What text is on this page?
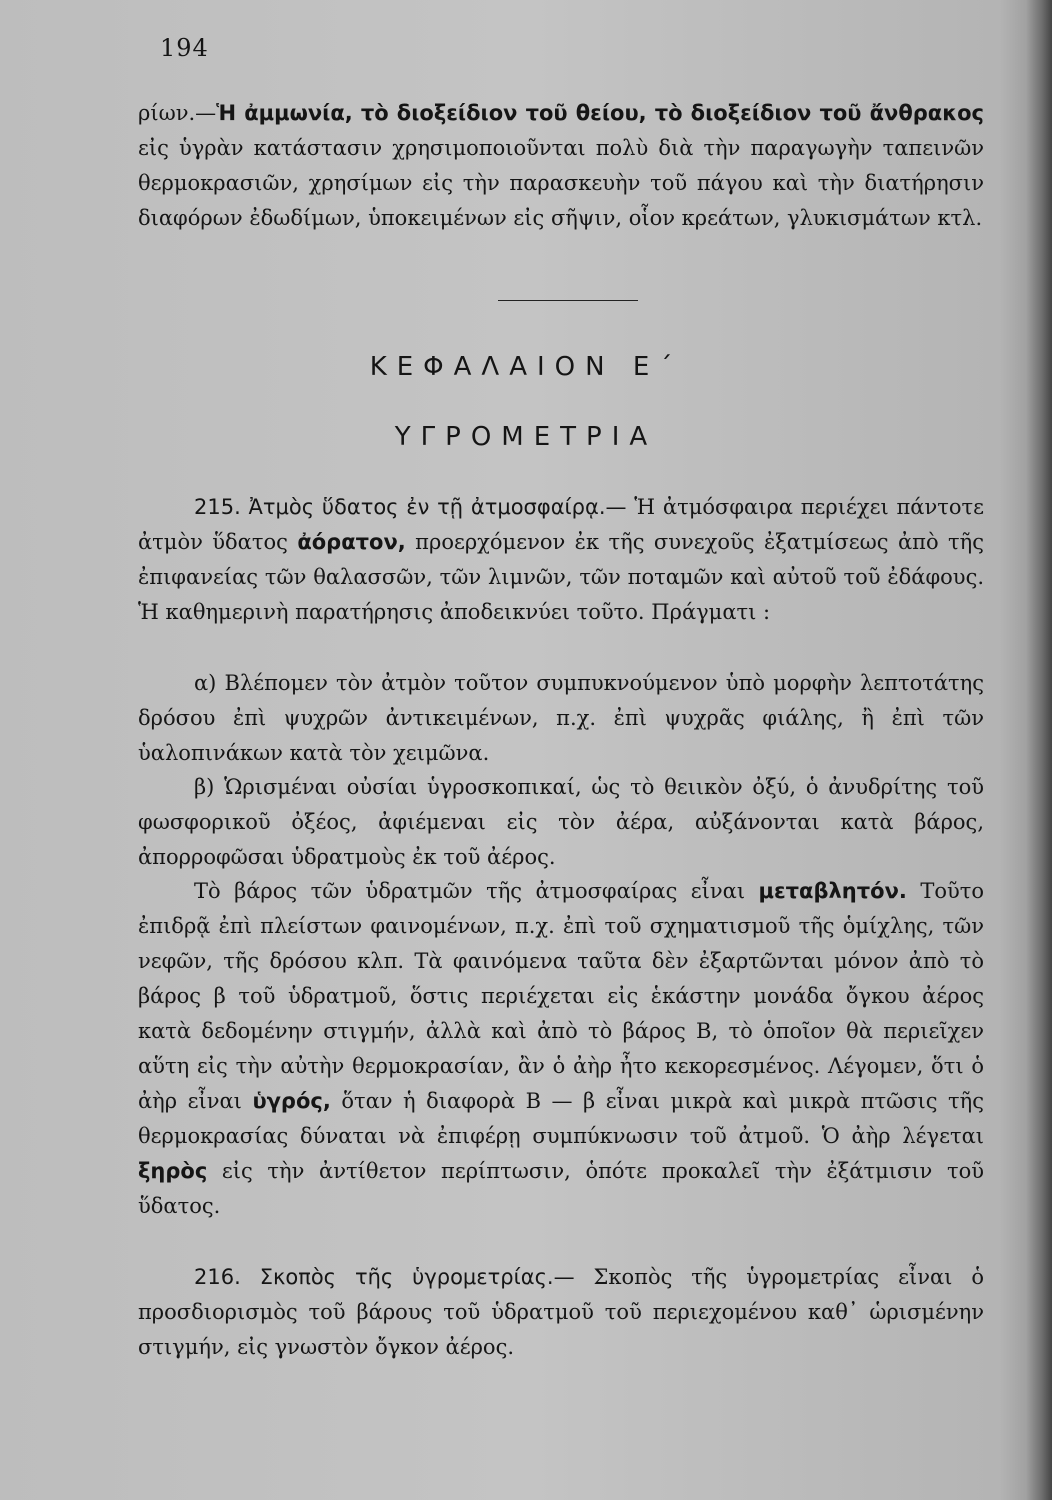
194
ρίων.—Ἡ ἀμμωνία, τὸ διοξείδιον τοῦ θείου, τὸ διοξείδιον τοῦ ἄνθρακος εἰς ὑγρὰν κατάστασιν χρησιμοποιοῦνται πολὺ διὰ τὴν παραγωγὴν ταπεινῶν θερμοκρασιῶν, χρησίμων εἰς τὴν παρασκευὴν τοῦ πάγου καὶ τὴν διατήρησιν διαφόρων ἐδωδίμων, ὑποκειμένων εἰς σῆψιν, οἷον κρεάτων, γλυκισμάτων κτλ.
ΚΕΦΑΛΑΙΟΝ Ε΄
ΥΓΡΟΜΕΤΡΙΑ
215. Ἀτμὸς ὕδατος ἐν τῇ ἀτμοσφαίρᾳ.— Ἡ ἀτμόσφαιρα περιέχει πάντοτε ἀτμὸν ὕδατος ἀόρατον, προερχόμενον ἐκ τῆς συνεχοῦς ἐξατμίσεως ἀπὸ τῆς ἐπιφανείας τῶν θαλασσῶν, τῶν λιμνῶν, τῶν ποταμῶν καὶ αὐτοῦ τοῦ ἐδάφους. Ἡ καθημερινὴ παρατήρησις ἀποδεικνύει τοῦτο. Πράγματι :
α) Βλέπομεν τὸν ἀτμὸν τοῦτον συμπυκνούμενον ὑπὸ μορφὴν λεπτοτάτης δρόσου ἐπὶ ψυχρῶν ἀντικειμένων, π.χ. ἐπὶ ψυχρᾶς φιάλης, ἢ ἐπὶ τῶν ὑαλοπινάκων κατὰ τὸν χειμῶνα.
β) Ὡρισμέναι οὐσίαι ὑγροσκοπικαί, ὡς τὸ θειικὸν ὀξύ, ὁ ἀνυδρίτης τοῦ φωσφορικοῦ ὀξέος, ἀφιέμεναι εἰς τὸν ἀέρα, αὐξάνονται κατὰ βάρος, ἀπορροφῶσαι ὑδρατμοὺς ἐκ τοῦ ἀέρος.
Τὸ βάρος τῶν ὑδρατμῶν τῆς ἀτμοσφαίρας εἶναι μεταβλητόν. Τοῦτο ἐπιδρᾷ ἐπὶ πλείστων φαινομένων, π.χ. ἐπὶ τοῦ σχηματισμοῦ τῆς ὁμίχλης, τῶν νεφῶν, τῆς δρόσου κλπ. Τὰ φαινόμενα ταῦτα δὲν ἐξαρτῶνται μόνον ἀπὸ τὸ βάρος β τοῦ ὑδρατμοῦ, ὅστις περιέχεται εἰς ἑκάστην μονάδα ὄγκου ἀέρος κατὰ δεδομένην στιγμήν, ἀλλὰ καὶ ἀπὸ τὸ βάρος Β, τὸ ὁποῖον θὰ περιεῖχεν αὕτη εἰς τὴν αὐτὴν θερμοκρασίαν, ἂν ὁ ἀὴρ ἦτο κεκορεσμένος. Λέγομεν, ὅτι ὁ ἀὴρ εἶναι ὑγρός, ὅταν ἡ διαφορὰ Β — β εἶναι μικρὰ καὶ μικρὰ πτῶσις τῆς θερμοκρασίας δύναται νὰ ἐπιφέρῃ συμπύκνωσιν τοῦ ἀτμοῦ. Ὁ ἀὴρ λέγεται ξηρὸς εἰς τὴν ἀντίθετον περίπτωσιν, ὁπότε προκαλεῖ τὴν ἐξάτμισιν τοῦ ὕδατος.
216. Σκοπὸς τῆς ὑγρομετρίας.— Σκοπὸς τῆς ὑγρομετρίας εἶναι ὁ προσδιορισμὸς τοῦ βάρους τοῦ ὑδρατμοῦ τοῦ περιεχομένου καθ᾽ ὡρισμένην στιγμήν, εἰς γνωστὸν ὄγκον ἀέρος.
